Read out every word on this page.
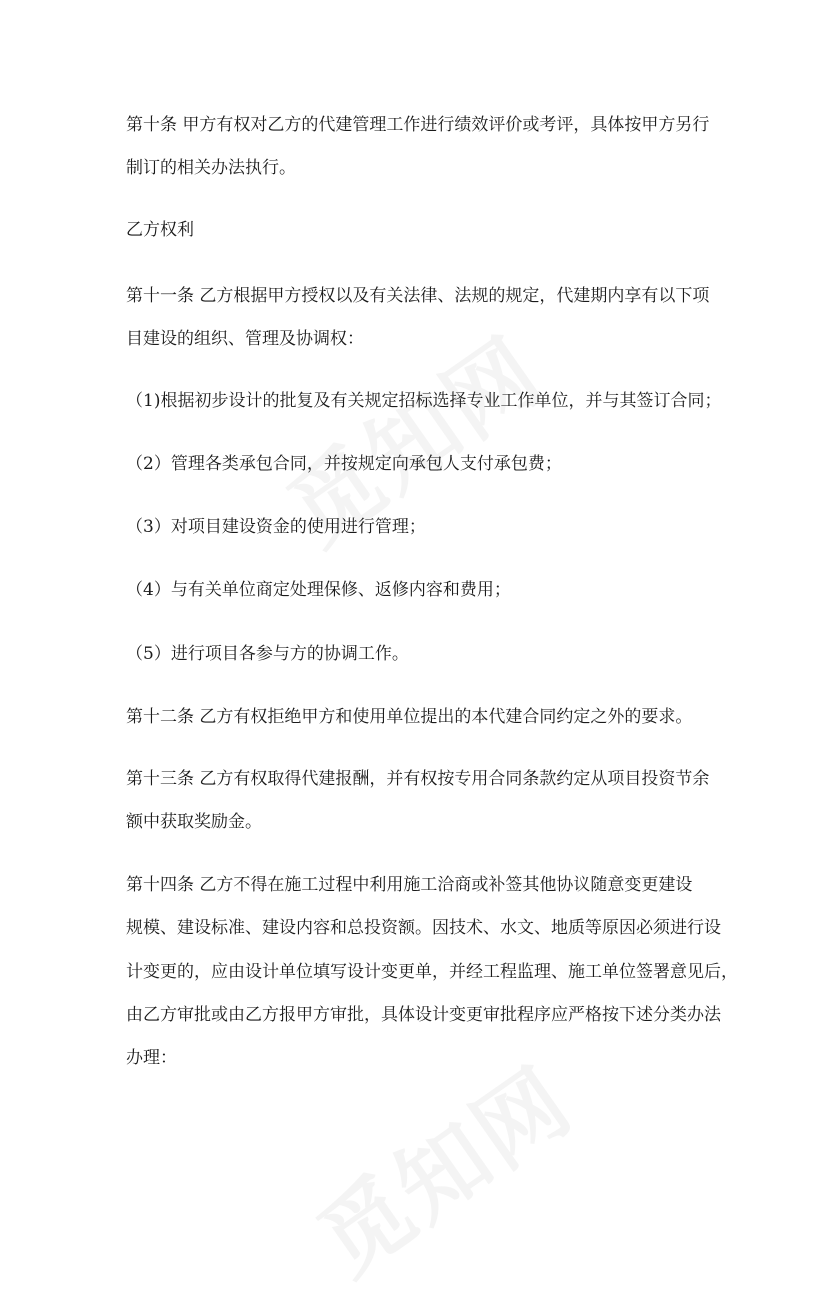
第十条 甲方有权对乙方的代建管理工作进行绩效评价或考评，具体按甲方另行
制订的相关办法执行。
乙方权利
第十一条 乙方根据甲方授权以及有关法律、法规的规定，代建期内享有以下项
目建设的组织、管理及协调权：
（1)根据初步设计的批复及有关规定招标选择专业工作单位，并与其签订合同；
（2）管理各类承包合同，并按规定向承包人支付承包费；
（3）对项目建设资金的使用进行管理；
（4）与有关单位商定处理保修、返修内容和费用；
（5）进行项目各参与方的协调工作。
第十二条 乙方有权拒绝甲方和使用单位提出的本代建合同约定之外的要求。
第十三条 乙方有权取得代建报酬，并有权按专用合同条款约定从项目投资节余
额中获取奖励金。
第十四条 乙方不得在施工过程中利用施工洽商或补签其他协议随意变更建设
规模、建设标准、建设内容和总投资额。因技术、水文、地质等原因必须进行设
计变更的，应由设计单位填写设计变更单，并经工程监理、施工单位签署意见后，
由乙方审批或由乙方报甲方审批，具体设计变更审批程序应严格按下述分类办法
办理：
